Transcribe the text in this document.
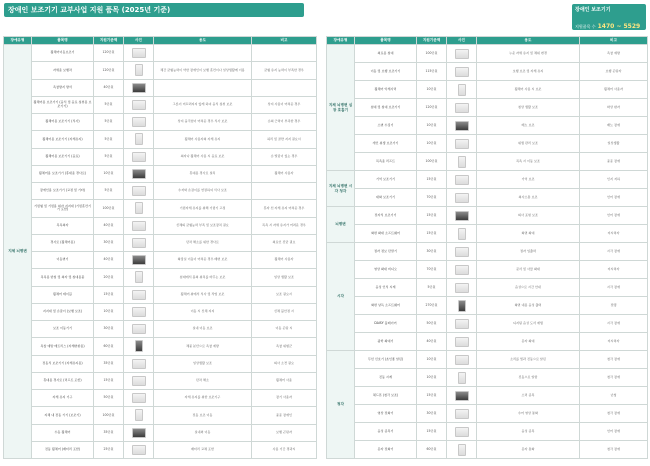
장애인 보조기기 교부사업 지원 품목 (2025년 기준)	장애인 보조기기
지원품목 수 1470 ~ 5529
장애유형	품목명	지원기준액	사진	용도	비고
지체 뇌병변	휠체어이동보조기	120만원			
	자세용 보행차	120만원		체간 균형능력이 약한 장애인이 보행 훈련이나 일상생활에 이용	균형 유지 능력이 부족한 경우
	욕창방지 방석	40만원			
	휠체어용 보조기기 (음식 및 음료 섭취용 보조기기)	5만원		그릇이 미끄러지지 않게 하여 음식 섭취 보조	상지 사용이 어려운 경우
	휠체어용 보조기기 (식사)	5만원		상지 움직임이 어려운 경우 식사 보조	손의 근력이 부족한 경우
	휠체어용 보조기기 (자세유지)	5만원		휠체어 사용자의 자세 유지	허리 및 골반 지지 필요시
	휠체어용 보조기기 (음료)	5만원		의자나 휠체어 사용 시 음료 보조	손 떨림이 있는 경우
	휠체어용 보조기기 (휴대용 경사로)	10만원		휴대용 경사로 설치	휠체어 사용자
	장애인용 보조기기 (교정 및 기타)	5만원		수저와 손잡이를 연결하여 식사 보조	
	기립형 및 기립용 의자 지지대 (기립훈련기기 포함)	100만원		기립자세 유지를 위해 기립기 고정	혼자 선 자세 유지 어려운 경우
	목욕의자	40만원		신체의 균형능력 부족 및 보조장치 필요	목욕 시 자세 유지가 어려운 경우
	경사로 (휠체어용)	30만원		단차 해소를 위한 경사로	의료인 진단 필요
	이동변기	40만원		화장실 이동이 어려운 경우 배변 보조	휠체어 사용자
	목욕용 받침 및 의자 및 침대용품	20만원		침대에서 몸의 위치를 바꾸는 보조	일상 생활 보조
	휠체어 테이블	15만원		휠체어 위에서 식사 및 작업 보조	보조 필요시
	지지대 및 손잡이 (보행 보조)	10만원		이동 시 신체 지지	신체 불안정 시
	보조 이동기기	30만원		실내 이동 보조	이동 곤란 시
	욕창 예방 매트리스 (자세변환용)	60만원		체중 분산으로 욕창 예방	욕창 위험군
	전동식 보조기기 (자세유지용)	35만원		일상생활 보조	의사 소견 필요
	휴대용 경사로 (리프트 포함)	15만원		단차 해소	휠체어 사용
	자세 유지 기구	50만원		자세 유지를 위한 보조기구	장기 사용자
	지체 내 전동 기기 (보조기)	100만원		전동 보조 이동	중증 장애인
	수동 휠체어	35만원		실내외 이동	보행 곤란자
	전동 휠체어 (배터리 포함)	25만원		배터리 교체 포함	사용 기간 경과시
장애유형	품목명	지원기준액	사진	용도	비고
지체 뇌병변 심장 호흡기	의료용 침대	100만원		누운 자세 유지 및 체위 변경	욕창 예방
	이동 및 보행 보조기기	115만원		보행 보조 및 자세 유지	보행 곤란자
	휠체어 악세사리	10만원		휠체어 사용 시 보조	휠체어 사용자
	침대 및 침대 보조기기	120만원		침상 생활 보조	와상 환자
	소변 수집기	10만원		배뇨 보조	배뇨 장애
	개인 위생 보조기기	10만원		위생 관리 보조	일상생활
	목욕용 리프트	100만원		목욕 시 이동 보조	중증 장애
지체 뇌병변 시각 청각	기억 보조기기	15만원		기억 보조	인지 저하
	대화 보조기기	70만원		의사소통 보조	언어 장애
뇌병변	전자식 보조기기	15만원		의사 표현 보조	언어 장애
	화면 확대 소프트웨어	15만원		화면 확대	저시력자
시각	점자 정보 단말기	30만원		점자 입출력	시각 장애
	영상 확대 비디오	70만원		문서 및 사물 확대	저시력자
	음성 인식 시계	5만원		음성으로 시간 안내	시각 장애
	화면 낭독 소프트웨어	270만원		화면 내용 음성 출력	전맹
	DAISY 플레이어	50만원		디지털 음성 도서 재생	시각 장애
	광학 확대기	40만원		문자 확대	저시력자
청각	무선 신호기 (초인종 알림)	10만원		소리를 빛과 진동으로 알림	청각 장애
	진동 시계	10만원		진동으로 알람	청각 장애
	헤드폰 (청각 보조)	15만원		소리 증폭	난청
	영상 전화기	30만원		수어 영상 통화	청각 장애
	음성 증폭기	15만원		음성 증폭	언어 장애
	문자 전화기	60만원		문자 통화	청각 장애
